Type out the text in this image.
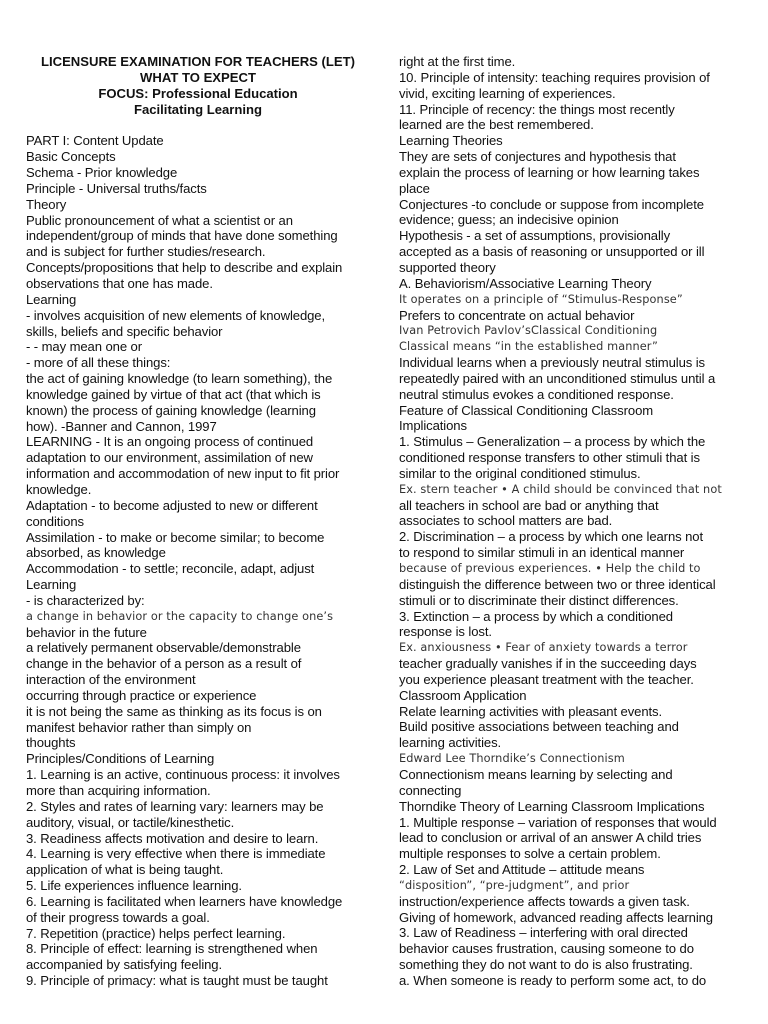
LICENSURE EXAMINATION FOR TEACHERS (LET)
WHAT TO EXPECT
FOCUS: Professional Education
Facilitating Learning
PART I: Content Update
Basic Concepts
Schema - Prior knowledge
Principle - Universal truths/facts
Theory
Public pronouncement of what a scientist or an
independent/group of minds that have done something
and is subject for further studies/research.
Concepts/propositions that help to describe and explain
observations that one has made.
Learning
- involves acquisition of new elements of knowledge,
skills, beliefs and specific behavior
- - may mean one or
- more of all these things:
the act of gaining knowledge (to learn something), the
knowledge gained by virtue of that act (that which is
known) the process of gaining knowledge (learning
how). -Banner and Cannon, 1997
LEARNING - It is an ongoing process of continued
adaptation to our environment, assimilation of new
information and accommodation of new input to fit prior
knowledge.
Adaptation - to become adjusted to new or different
conditions
Assimilation - to make or become similar; to become
absorbed, as knowledge
Accommodation - to settle; reconcile, adapt, adjust
Learning
- is characterized by:
a change in behavior or the capacity to change one’s
behavior in the future
a relatively permanent observable/demonstrable
change in the behavior of a person as a result of
interaction of the environment
occurring through practice or experience
it is not being the same as thinking as its focus is on
manifest behavior rather than simply on
thoughts
Principles/Conditions of Learning
1. Learning is an active, continuous process: it involves
more than acquiring information.
2. Styles and rates of learning vary: learners may be
auditory, visual, or tactile/kinesthetic.
3. Readiness affects motivation and desire to learn.
4. Learning is very effective when there is immediate
application of what is being taught.
5. Life experiences influence learning.
6. Learning is facilitated when learners have knowledge
of their progress towards a goal.
7. Repetition (practice) helps perfect learning.
8. Principle of effect: learning is strengthened when
accompanied by satisfying feeling.
9. Principle of primacy: what is taught must be taught
right at the first time.
10. Principle of intensity: teaching requires provision of
vivid, exciting learning of experiences.
11. Principle of recency: the things most recently
learned are the best remembered.
Learning Theories
They are sets of conjectures and hypothesis that
explain the process of learning or how learning takes
place
Conjectures -to conclude or suppose from incomplete
evidence; guess; an indecisive opinion
Hypothesis - a set of assumptions, provisionally
accepted as a basis of reasoning or unsupported or ill
supported theory
A. Behaviorism/Associative Learning Theory
It operates on a principle of “Stimulus-Response”
Prefers to concentrate on actual behavior
Ivan Petrovich Pavlov’sClassical Conditioning
Classical means “in the established manner”
Individual learns when a previously neutral stimulus is
repeatedly paired with an unconditioned stimulus until a
neutral stimulus evokes a conditioned response.
Feature of Classical Conditioning Classroom
Implications
1. Stimulus – Generalization – a process by which the
conditioned response transfers to other stimuli that is
similar to the original conditioned stimulus.
Ex. stern teacher • A child should be convinced that not
all teachers in school are bad or anything that
associates to school matters are bad.
2. Discrimination – a process by which one learns not
to respond to similar stimuli in an identical manner
because of previous experiences. • Help the child to
distinguish the difference between two or three identical
stimuli or to discriminate their distinct differences.
3. Extinction – a process by which a conditioned
response is lost.
Ex. anxiousness • Fear of anxiety towards a terror
teacher gradually vanishes if in the succeeding days
you experience pleasant treatment with the teacher.
Classroom Application
Relate learning activities with pleasant events.
Build positive associations between teaching and
learning activities.
Edward Lee Thorndike’s Connectionism
Connectionism means learning by selecting and
connecting
Thorndike Theory of Learning Classroom Implications
1. Multiple response – variation of responses that would
lead to conclusion or arrival of an answer A child tries
multiple responses to solve a certain problem.
2. Law of Set and Attitude – attitude means
“disposition”, “pre-judgment”, and prior
instruction/experience affects towards a given task.
Giving of homework, advanced reading affects learning
3. Law of Readiness – interfering with oral directed
behavior causes frustration, causing someone to do
something they do not want to do is also frustrating.
a. When someone is ready to perform some act, to do
